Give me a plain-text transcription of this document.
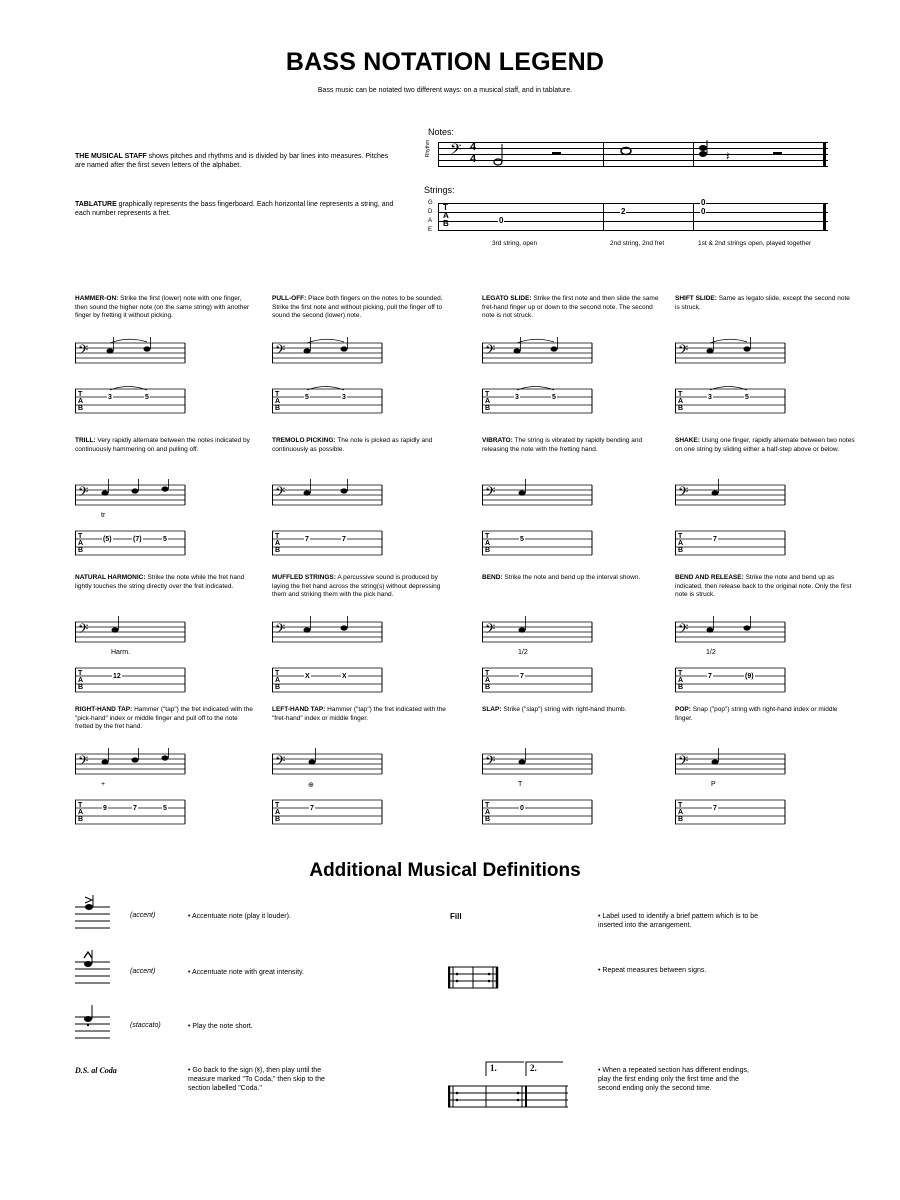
BASS NOTATION LEGEND
Bass music can be notated two different ways: on a musical staff, and in tablature.
THE MUSICAL STAFF shows pitches and rhythms and is divided by bar lines into measures. Pitches are named after the first seven letters of the alphabet.
TABLATURE graphically represents the bass fingerboard. Each horizontal line represents a string, and each number represents a fret.
Notes:
Strings:
𝄢 4
4	𝄽
Rhythm
G
D
A
E
T
A
B	0
2
0
0
3rd string, open	2nd string, 2nd fret	1st & 2nd strings open, played together
HAMMER-ON: Strike the first (lower) note with one finger, then sound the higher note (on the same string) with another finger by fretting it without picking.
𝄢
T
A
B
3	5
PULL-OFF: Place both fingers on the notes to be sounded. Strike the first note and without picking, pull the finger off to sound the second (lower) note.
𝄢
T
A
B
5	3
LEGATO SLIDE: Strike the first note and then slide the same fret-hand finger up or down to the second note. The second note is not struck.
𝄢
T
A
B
3	5
SHIFT SLIDE: Same as legato slide, except the second note is struck.
𝄢
T
A
B
3	5
TRILL: Very rapidly alternate between the notes indicated by continuously hammering on and pulling off.
𝄢
T
A
B
(5)	(7)	5
tr
TREMOLO PICKING: The note is picked as rapidly and continuously as possible.
𝄢
T
A
B
7	7
VIBRATO: The string is vibrated by rapidly bending and releasing the note with the fretting hand.
𝄢
T
A
B
5
SHAKE: Using one finger, rapidly alternate between two notes on one string by sliding either a half-step above or below.
𝄢
T
A
B
7
NATURAL HARMONIC: Strike the note while the fret hand lightly touches the string directly over the fret indicated.
𝄢
T
A
B
12
Harm.
MUFFLED STRINGS: A percussive sound is produced by laying the fret hand across the string(s) without depressing them and striking them with the pick hand.
𝄢
T
A
B
X	X
BEND: Strike the note and bend up the interval shown.
𝄢
T
A
B
7
1/2
BEND AND RELEASE: Strike the note and bend up as indicated, then release back to the original note. Only the first note is struck.
𝄢
T
A
B
7	(9)
1/2
RIGHT-HAND TAP: Hammer ("tap") the fret indicated with the "pick-hand" index or middle finger and pull off to the note fretted by the fret hand.
𝄢
T
A
B
9	7	5
+
LEFT-HAND TAP: Hammer ("tap") the fret indicated with the "fret-hand" index or middle finger.
𝄢
T
A
B
7
⊕
SLAP: Strike ("slap") string with right-hand thumb.
𝄢
T
A
B
0
T
POP: Snap ("pop") string with right-hand index or middle finger.
𝄢
T
A
B
7
P
Additional Musical Definitions
(accent)	• Accentuate note (play it louder).
(accent)	• Accentuate note with great intensity.
(staccato)	• Play the note short.
D.S. al Coda	• Go back to the sign (𝄋), then play until the measure marked "To Coda," then skip to the section labelled "Coda."
Fill	• Label used to identify a brief pattern which is to be inserted into the arrangement.
• Repeat measures between signs.
1.	2.	• When a repeated section has different endings, play the first ending only the first time and the second ending only the second time.
